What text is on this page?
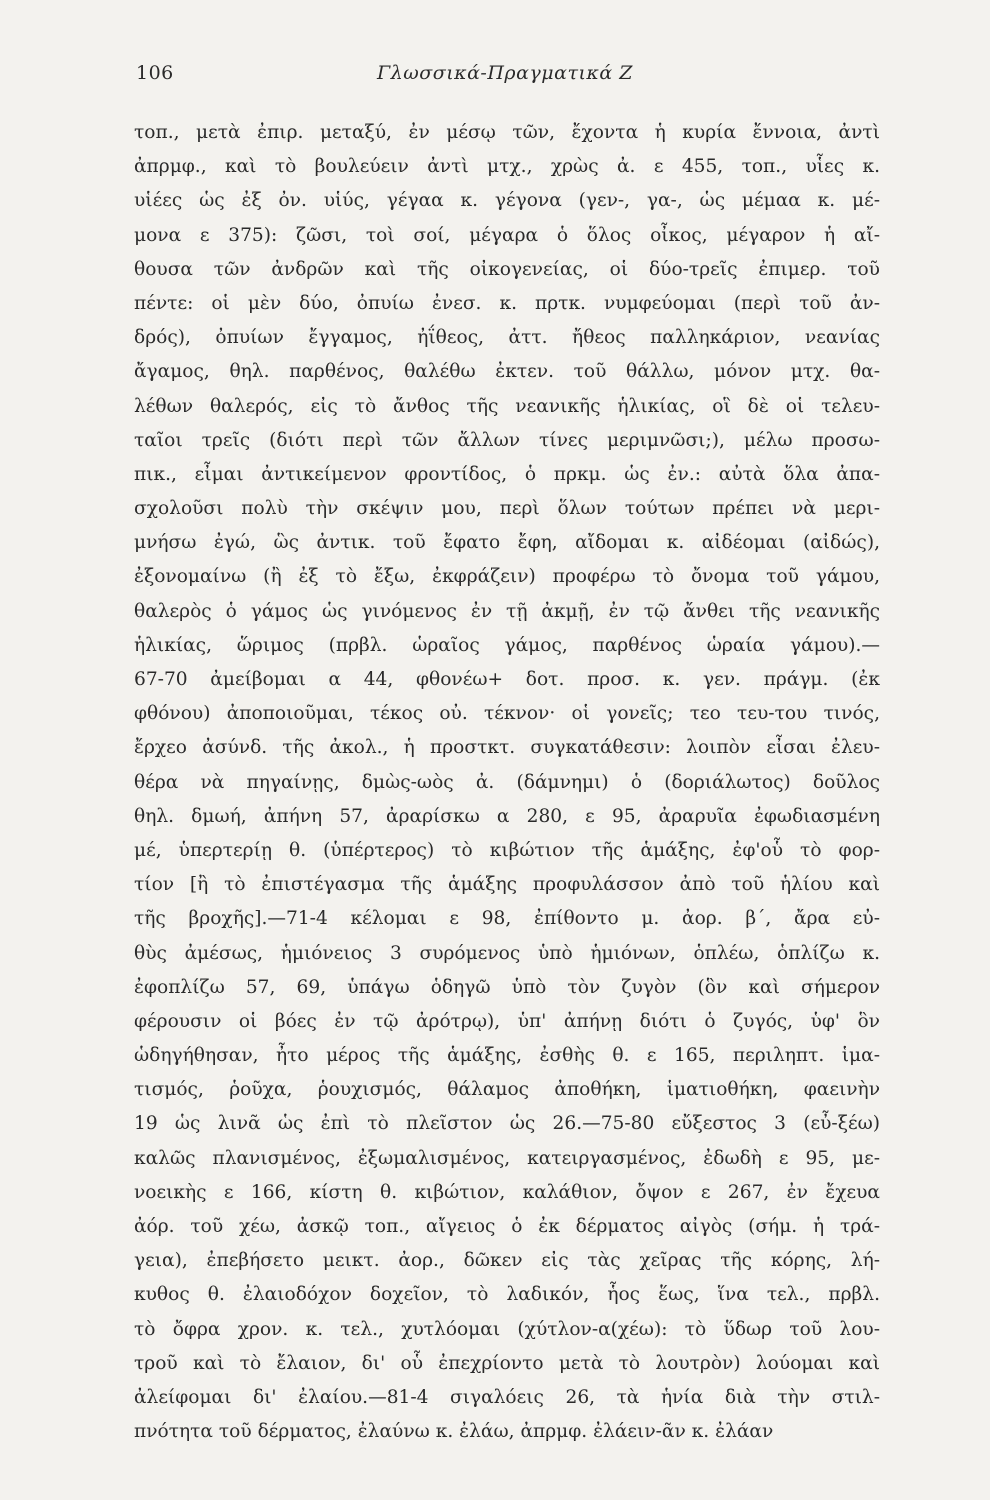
106	Γλωσσικά-Πραγματικά Ζ
τοπ., μετὰ ἐπιρ. μεταξύ, ἐν μέσῳ τῶν, ἔχοντα ἡ κυρία ἔννοια, ἀντὶ
ἀπρμφ., καὶ τὸ βουλεύειν ἀντὶ μτχ., χρὼς ἀ. ε 455, τοπ., υἷες κ.
υἱέες ὡς ἐξ ὀν. υἱύς, γέγαα κ. γέγονα (γεν-, γα-, ὡς μέμαα κ. μέ-
μονα ε 375): ζῶσι, τοὶ σοί, μέγαρα ὁ ὅλος οἶκος, μέγαρον ἡ αἴ-
θουσα τῶν ἀνδρῶν καὶ τῆς οἰκογενείας, οἱ δύο-τρεῖς ἐπιμερ. τοῦ
πέντε: οἱ μὲν δύο, ὀπυίω ἐνεσ. κ. πρτκ. νυμφεύομαι (περὶ τοῦ ἀν-
δρός), ὀπυίων ἔγγαμος, ἠΐθεος, ἀττ. ἤθεος παλληκάριον, νεανίας
ἄγαμος, θηλ. παρθένος, θαλέθω ἐκτεν. τοῦ θάλλω, μόνον μτχ. θα-
λέθων θαλερός, εἰς τὸ ἄνθος τῆς νεανικῆς ἡλικίας, οἳ δὲ οἱ τελευ-
ταῖοι τρεῖς (διότι περὶ τῶν ἄλλων τίνες μεριμνῶσι;), μέλω προσω-
πικ., εἶμαι ἀντικείμενον φροντίδος, ὁ πρκμ. ὡς ἐν.: αὐτὰ ὅλα ἀπα-
σχολοῦσι πολὺ τὴν σκέψιν μου, περὶ ὅλων τούτων πρέπει νὰ μερι-
μνήσω ἐγώ, ὣς ἀντικ. τοῦ ἔφατο ἔφη, αἴδομαι κ. αἰδέομαι (αἰδώς),
ἐξονομαίνω (ἢ ἐξ τὸ ἔξω, ἐκφράζειν) προφέρω τὸ ὄνομα τοῦ γάμου,
θαλερὸς ὁ γάμος ὡς γινόμενος ἐν τῇ ἀκμῇ, ἐν τῷ ἄνθει τῆς νεανικῆς
ἡλικίας, ὥριμος (πρβλ. ὡραῖος γάμος, παρθένος ὡραία γάμου).—
67-70 ἀμείβομαι α 44, φθονέω+ δοτ. προσ. κ. γεν. πράγμ. (ἐκ
φθόνου) ἀποποιοῦμαι, τέκος οὐ. τέκνον· οἱ γονεῖς; τεο τευ-του τινός,
ἔρχεο ἀσύνδ. τῆς ἀκολ., ἡ προστκτ. συγκατάθεσιν: λοιπὸν εἶσαι ἐλευ-
θέρα νὰ πηγαίνῃς, δμὼς-ωὸς ἀ. (δάμνημι) ὁ (δοριάλωτος) δοῦλος
θηλ. δμωή, ἀπήνη 57, ἀραρίσκω α 280, ε 95, ἀραρυῖα ἐφωδιασμένη
μέ, ὑπερτερίῃ θ. (ὑπέρτερος) τὸ κιβώτιον τῆς ἁμάξης, ἐφ'οὗ τὸ φορ-
τίον [ἢ τὸ ἐπιστέγασμα τῆς ἁμάξης προφυλάσσον ἀπὸ τοῦ ἡλίου καὶ
τῆς βροχῆς].—71-4 κέλομαι ε 98, ἐπίθοντο μ. ἀορ. β΄, ἄρα εὐ-
θὺς ἀμέσως, ἡμιόνειος 3 συρόμενος ὑπὸ ἡμιόνων, ὁπλέω, ὁπλίζω κ.
ἐφοπλίζω 57, 69, ὑπάγω ὁδηγῶ ὑπὸ τὸν ζυγὸν (ὃν καὶ σήμερον
φέρουσιν οἱ βόες ἐν τῷ ἀρότρῳ), ὑπ' ἀπήνῃ διότι ὁ ζυγός, ὑφ' ὃν
ὡδηγήθησαν, ἦτο μέρος τῆς ἁμάξης, ἐσθὴς θ. ε 165, περιληπτ. ἱμα-
τισμός, ῥοῦχα, ῥουχισμός, θάλαμος ἀποθήκη, ἱματιοθήκη, φαεινὴν
19 ὡς λινᾶ ὡς ἐπὶ τὸ πλεῖστον ὡς 26.—75-80 εὔξεστος 3 (εὖ-ξέω)
καλῶς πλανισμένος, ἐξωμαλισμένος, κατειργασμένος, ἐδωδὴ ε 95, με-
νοεικὴς ε 166, κίστη θ. κιβώτιον, καλάθιον, ὄψον ε 267, ἐν ἔχευα
ἀόρ. τοῦ χέω, ἀσκῷ τοπ., αἴγειος ὁ ἐκ δέρματος αἰγὸς (σήμ. ἡ τρά-
γεια), ἐπεβήσετο μεικτ. ἀορ., δῶκεν εἰς τὰς χεῖρας τῆς κόρης, λή-
κυθος θ. ἐλαιοδόχον δοχεῖον, τὸ λαδικόν, ἧος ἕως, ἵνα τελ., πρβλ.
τὸ ὄφρα χρον. κ. τελ., χυτλόομαι (χύτλον-α(χέω): τὸ ὕδωρ τοῦ λου-
τροῦ καὶ τὸ ἔλαιον, δι' οὗ ἐπεχρίοντο μετὰ τὸ λουτρὸν) λούομαι καὶ
ἀλείφομαι δι' ἐλαίου.—81-4 σιγαλόεις 26, τὰ ἡνία διὰ τὴν στιλ-
πνότητα τοῦ δέρματος, ἐλαύνω κ. ἐλάω, ἀπρμφ. ἐλάειν-ᾶν κ. ἐλάαν
